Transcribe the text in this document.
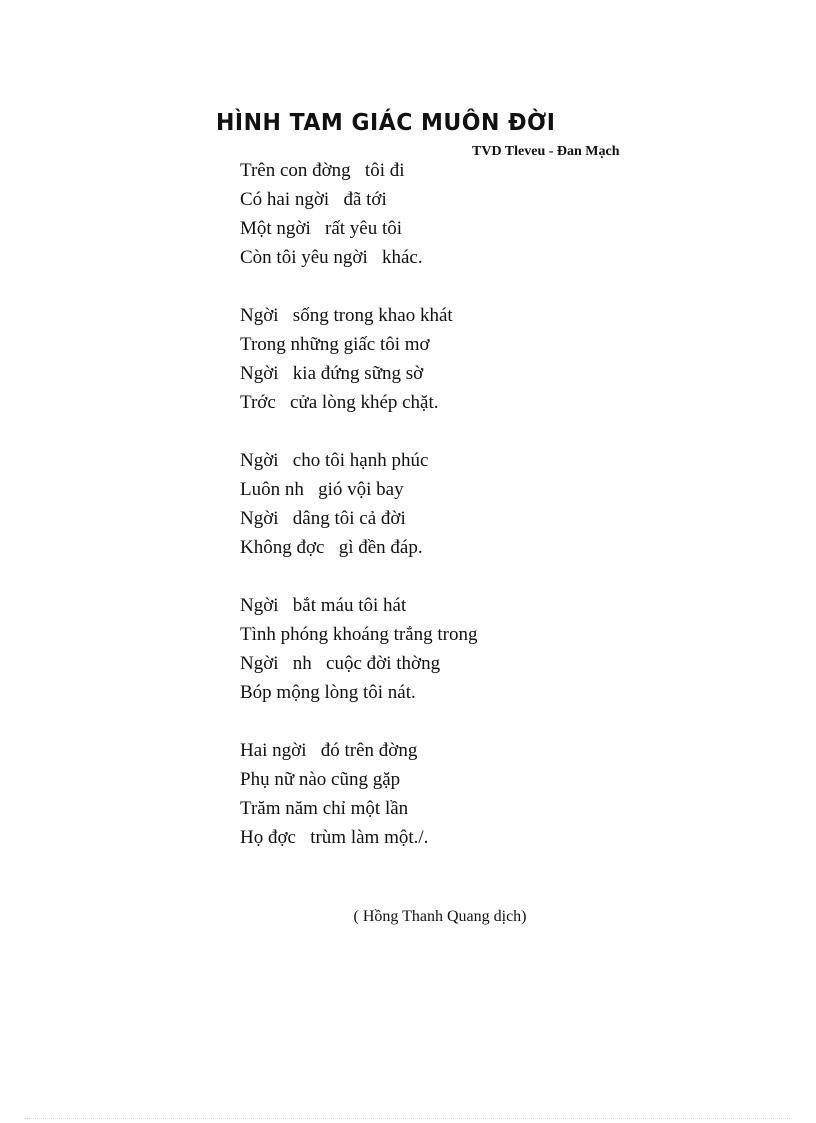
HÌNH TAM GIÁC MUÔN ĐỜI
TVD Tleveu - Đan Mạch
Trên con đờng   tôi đi
Có hai ngời   đã tới
Một ngời   rất yêu tôi
Còn tôi yêu ngời   khác.
Ngời   sống trong khao khát
Trong những giấc tôi mơ
Ngời   kia đứng sững sờ
Trớc   cửa lòng khép chặt.
Ngời   cho tôi hạnh phúc
Luôn nh   gió vội bay
Ngời   dâng tôi cả đời
Không đợc   gì đền đáp.
Ngời   bắt máu tôi hát
Tình phóng khoáng trắng trong
Ngời   nh   cuộc đời thờng
Bóp mộng lòng tôi nát.
Hai ngời   đó trên đờng
Phụ nữ nào cũng gặp
Trăm năm chỉ một lần
Họ đợc   trùm làm một./.
( Hồng Thanh Quang dịch)
